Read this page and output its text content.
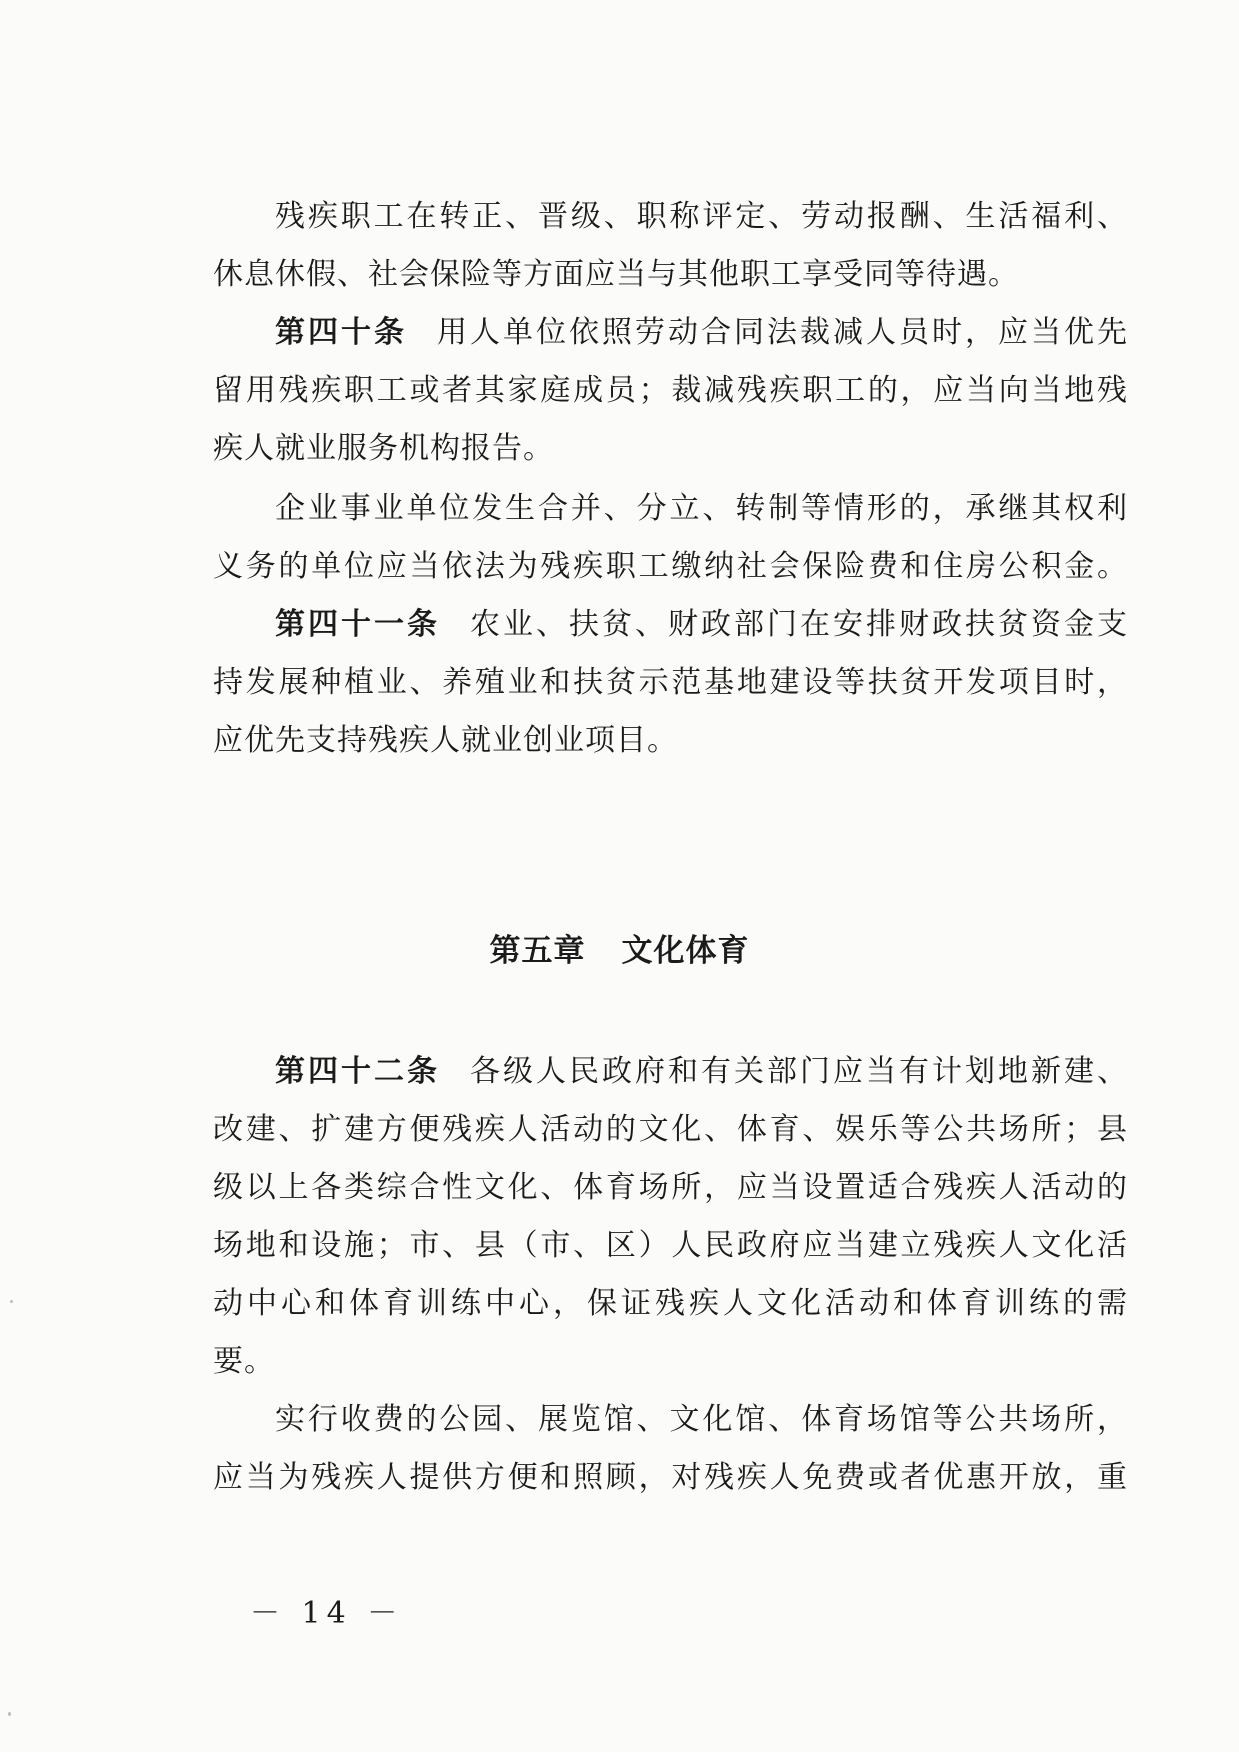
残疾职工在转正、晋级、职称评定、劳动报酬、生活福利、
休息休假、社会保险等方面应当与其他职工享受同等待遇。
第四十条 用人单位依照劳动合同法裁减人员时，应当优先
留用残疾职工或者其家庭成员；裁减残疾职工的，应当向当地残
疾人就业服务机构报告。
企业事业单位发生合并、分立、转制等情形的，承继其权利
义务的单位应当依法为残疾职工缴纳社会保险费和住房公积金。
第四十一条 农业、扶贫、财政部门在安排财政扶贫资金支
持发展种植业、养殖业和扶贫示范基地建设等扶贫开发项目时，
应优先支持残疾人就业创业项目。
第五章 文化体育
第四十二条 各级人民政府和有关部门应当有计划地新建、
改建、扩建方便残疾人活动的文化、体育、娱乐等公共场所；县
级以上各类综合性文化、体育场所，应当设置适合残疾人活动的
场地和设施；市、县（市、区）人民政府应当建立残疾人文化活
动中心和体育训练中心，保证残疾人文化活动和体育训练的需
要。
实行收费的公园、展览馆、文化馆、体育场馆等公共场所，
应当为残疾人提供方便和照顾，对残疾人免费或者优惠开放，重
－ 14 －
